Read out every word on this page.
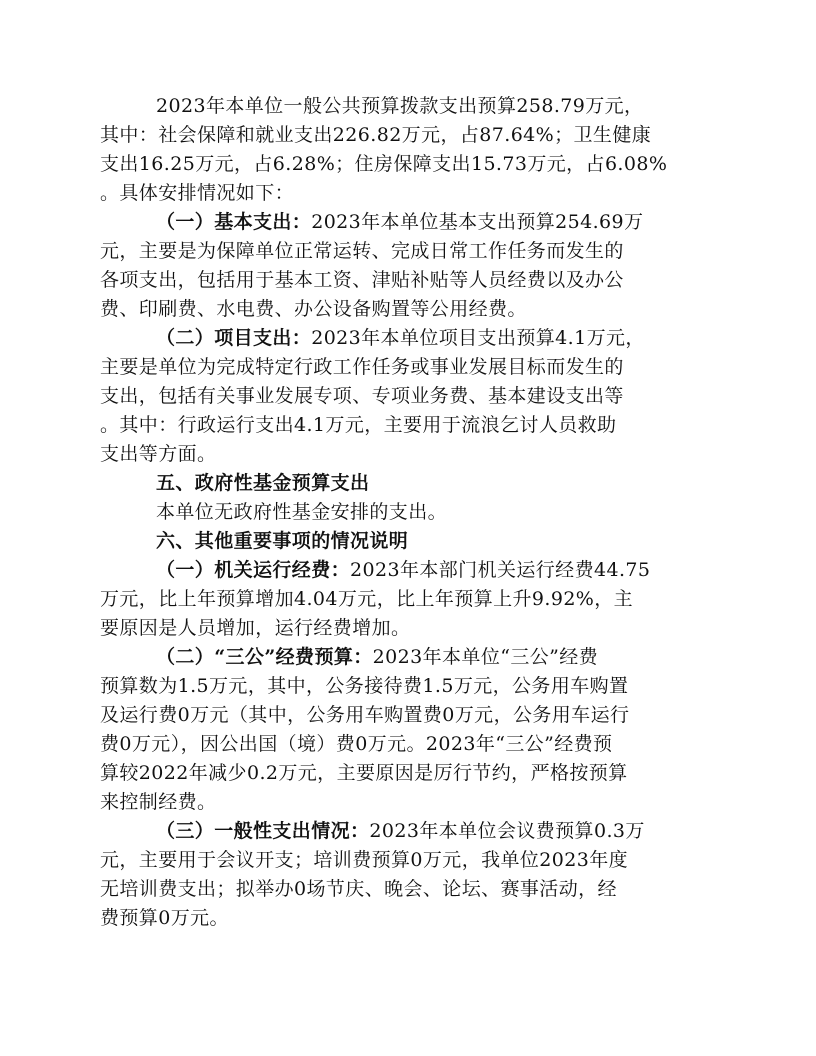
2023年本单位一般公共预算拨款支出预算258.79万元，
其中：社会保障和就业支出226.82万元，占87.64%；卫生健康
支出16.25万元，占6.28%；住房保障支出15.73万元，占6.08%
。具体安排情况如下：
（一）基本支出：2023年本单位基本支出预算254.69万
元，主要是为保障单位正常运转、完成日常工作任务而发生的
各项支出，包括用于基本工资、津贴补贴等人员经费以及办公
费、印刷费、水电费、办公设备购置等公用经费。
（二）项目支出：2023年本单位项目支出预算4.1万元，
主要是单位为完成特定行政工作任务或事业发展目标而发生的
支出，包括有关事业发展专项、专项业务费、基本建设支出等
。其中：行政运行支出4.1万元，主要用于流浪乞讨人员救助
支出等方面。
五、政府性基金预算支出
本单位无政府性基金安排的支出。
六、其他重要事项的情况说明
（一）机关运行经费：2023年本部门机关运行经费44.75
万元，比上年预算增加4.04万元，比上年预算上升9.92%，主
要原因是人员增加，运行经费增加。
（二）“三公”经费预算：2023年本单位“三公”经费
预算数为1.5万元，其中，公务接待费1.5万元，公务用车购置
及运行费0万元（其中，公务用车购置费0万元，公务用车运行
费0万元），因公出国（境）费0万元。2023年“三公”经费预
算较2022年减少0.2万元，主要原因是厉行节约，严格按预算
来控制经费。
（三）一般性支出情况：2023年本单位会议费预算0.3万
元，主要用于会议开支；培训费预算0万元，我单位2023年度
无培训费支出；拟举办0场节庆、晚会、论坛、赛事活动，经
费预算0万元。
